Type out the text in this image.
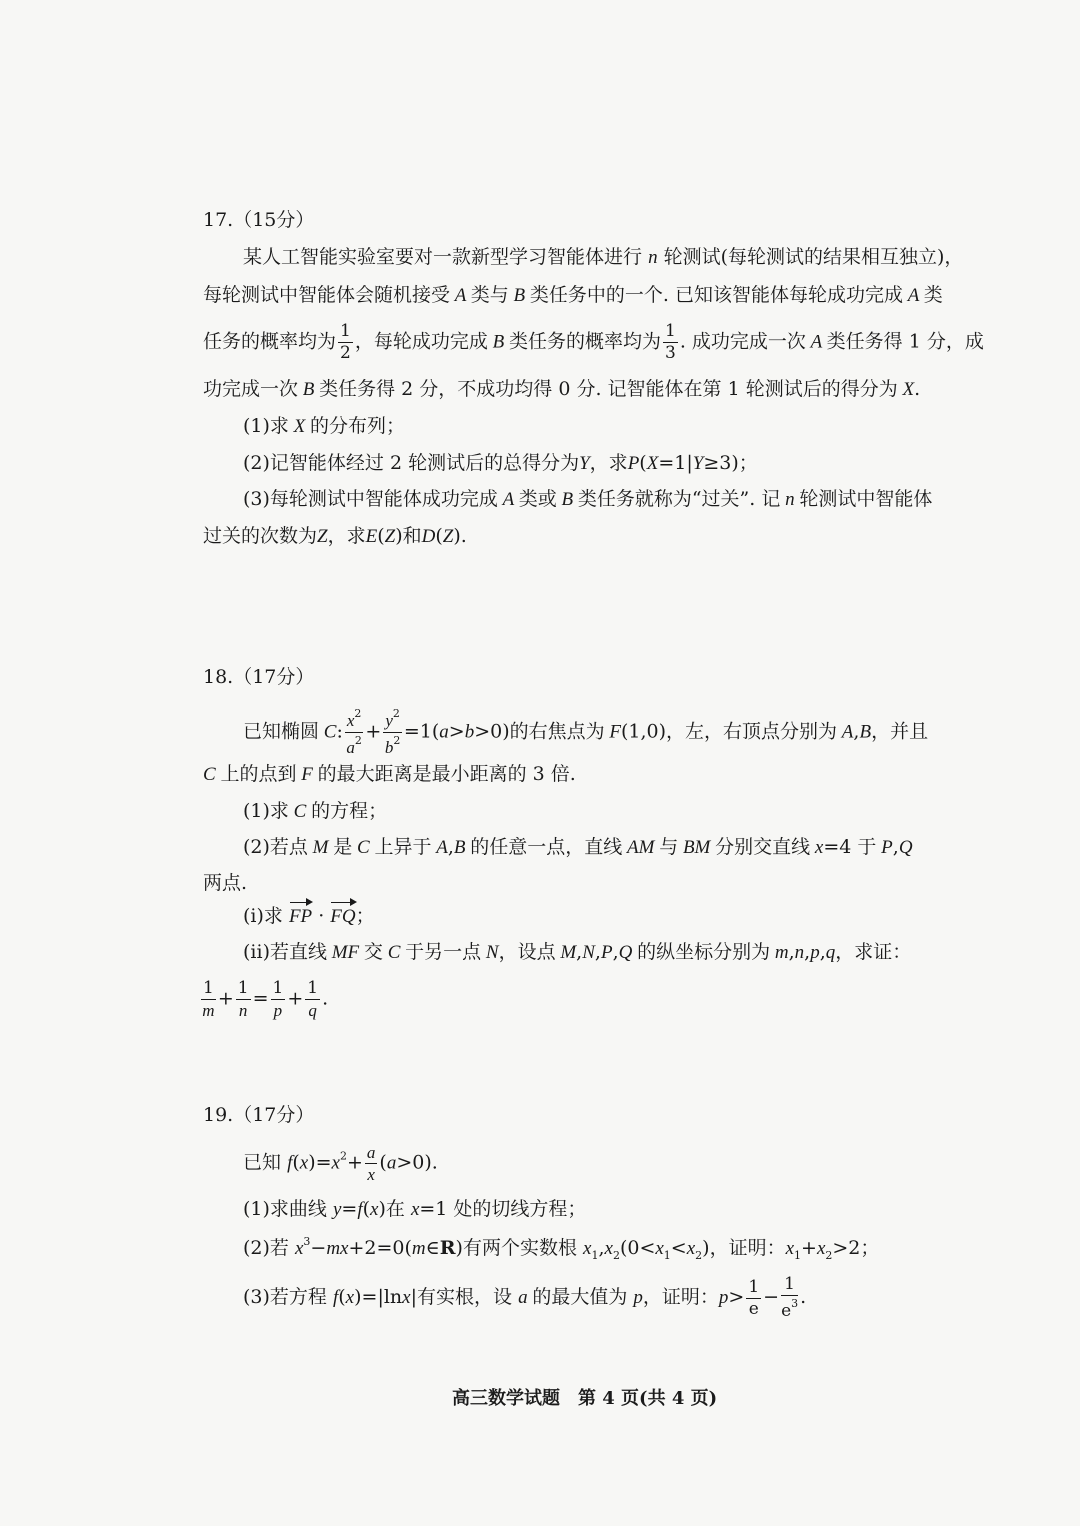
17.（15分）
某人工智能实验室要对一款新型学习智能体进行 n 轮测试(每轮测试的结果相互独立)，
每轮测试中智能体会随机接受 A 类与 B 类任务中的一个. 已知该智能体每轮成功完成 A 类
任务的概率均为 $\frac{1}{2}$ ，每轮成功完成 B 类任务的概率均为 $\frac{1}{3}$ . 成功完成一次 A 类任务得 1 分，成
功完成一次 B 类任务得 2 分，不成功均得 0 分. 记智能体在第 1 轮测试后的得分为 X.
(1)求 X 的分布列；
(2)记智能体经过 2 轮测试后的总得分为Y，求P(X=1|Y≥3)；
(3)每轮测试中智能体成功完成 A 类或 B 类任务就称为“过关”. 记 n 轮测试中智能体
过关的次数为Z，求E(Z)和D(Z).
18.（17分）
已知椭圆 C: $\frac{x^2}{a^2} + \frac{y^2}{b^2} =1(a>b>0)$的右焦点为 F(1,0)，左，右顶点分别为 A,B，并且
C 上的点到 F 的最大距离是最小距离的 3 倍.
(1)求 C 的方程；
(2)若点 M 是 C 上异于 A,B 的任意一点，直线 AM 与 BM 分别交直线 x=4 于 P,Q
两点.
(i)求 FP · FQ；
(ii)若直线 MF 交 C 于另一点 N，设点 M,N,P,Q 的纵坐标分别为 m,n,p,q，求证：
$\frac{1}{m} + \frac{1}{n} = \frac{1}{p} + \frac{1}{q}$ .
19.（17分）
已知 $f(x)=x^2+ \frac{a}{x} (a>0)$.
(1)求曲线 y=f(x)在 x=1 处的切线方程；
(2)若 $x^3-mx+2=0(m\in R)$有两个实数根 $x_1,x_2(0<x_1<x_2)$，证明：$x_1+x_2>2$；
(3)若方程 f(x)=|lnx|有实根，设 a 的最大值为 p，证明：$p> \frac{1}{e} - \frac{1}{e^3}$ .
高三数学试题　第 4 页(共 4 页)
